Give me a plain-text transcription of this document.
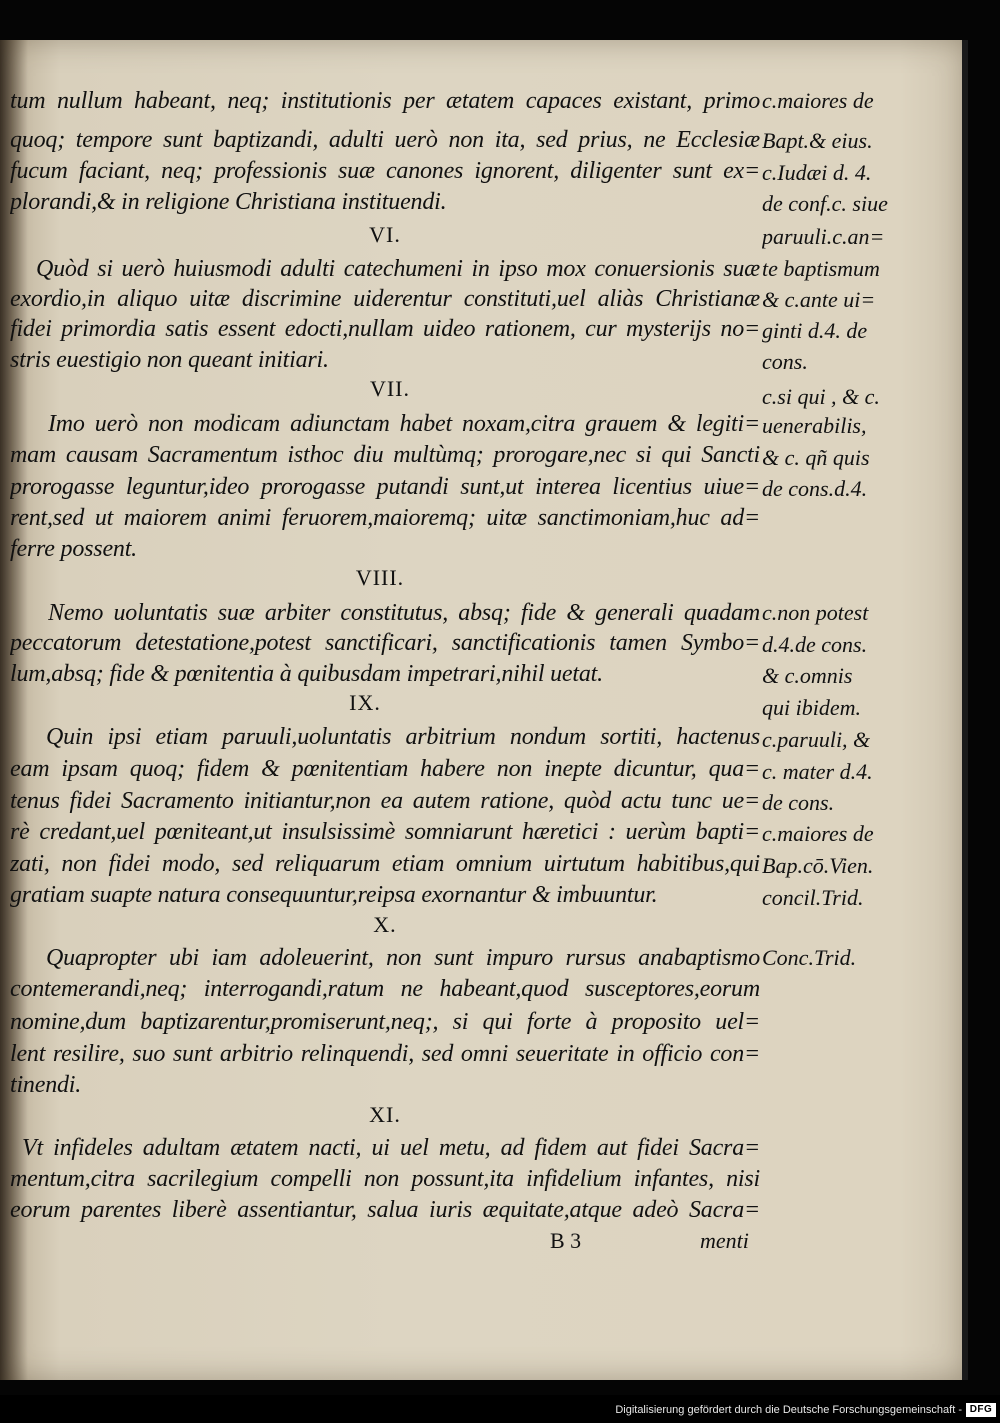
tum nullum habeant, neq; institutionis per ætatem capaces existant, primo
quoq; tempore sunt baptizandi, adulti uerò non ita, sed prius, ne Ecclesiæ
fucum faciant, neq; professionis suæ canones ignorent, diligenter sunt ex=
plorandi,& in religione Christiana instituendi.
VI.
Quòd si uerò huiusmodi adulti catechumeni in ipso mox conuersionis suæ
exordio,in aliquo uitæ discrimine uiderentur constituti,uel aliàs Christianæ
fidei primordia satis essent edocti,nullam uideo rationem, cur mysterijs no=
stris euestigio non queant initiari.
VII.
Imo uerò non modicam adiunctam habet noxam,citra grauem & legiti=
mam causam Sacramentum isthoc diu multùmq; prorogare,nec si qui Sancti
prorogasse leguntur,ideo prorogasse putandi sunt,ut interea licentius uiue=
rent,sed ut maiorem animi feruorem,maioremq; uitæ sanctimoniam,huc ad=
ferre possent.
VIII.
Nemo uoluntatis suæ arbiter constitutus, absq; fide & generali quadam
peccatorum detestatione,potest sanctificari, sanctificationis tamen Symbo=
lum,absq; fide & pœnitentia à quibusdam impetrari,nihil uetat.
IX.
Quin ipsi etiam paruuli,uoluntatis arbitrium nondum sortiti, hactenus
eam ipsam quoq; fidem & pœnitentiam habere non inepte dicuntur, qua=
tenus fidei Sacramento initiantur,non ea autem ratione, quòd actu tunc ue=
rè credant,uel pœniteant,ut insulsissimè somniarunt hæretici : uerùm bapti=
zati, non fidei modo, sed reliquarum etiam omnium uirtutum habitibus,qui
gratiam suapte natura consequuntur,reipsa exornantur & imbuuntur.
X.
Quapropter ubi iam adoleuerint, non sunt impuro rursus anabaptismo
contemerandi,neq; interrogandi,ratum ne habeant,quod susceptores,eorum
nomine,dum baptizarentur,promiserunt,neq;, si qui forte à proposito uel=
lent resilire, suo sunt arbitrio relinquendi, sed omni seueritate in officio con=
tinendi.
XI.
Vt infideles adultam ætatem nacti, ui uel metu, ad fidem aut fidei Sacra=
mentum,citra sacrilegium compelli non possunt,ita infidelium infantes, nisi
eorum parentes liberè assentiantur, salua iuris æquitate,atque adeò Sacra=
c.maiores de
Bapt.& eius.
c.Iudæi d. 4.
de conf.c. siue
paruuli.c.an=
te baptismum
& c.ante ui=
ginti d.4. de
cons.
c.si qui , & c.
uenerabilis,
& c. qñ quis
de cons.d.4.
c.non potest
d.4.de cons.
& c.omnis
qui ibidem.
c.paruuli, &
c. mater d.4.
de cons.
c.maiores de
Bap.cō.Vien.
concil.Trid.
Conc.Trid.
B 3	menti
Digitalisierung gefördert durch die Deutsche Forschungsgemeinschaft - DFG
